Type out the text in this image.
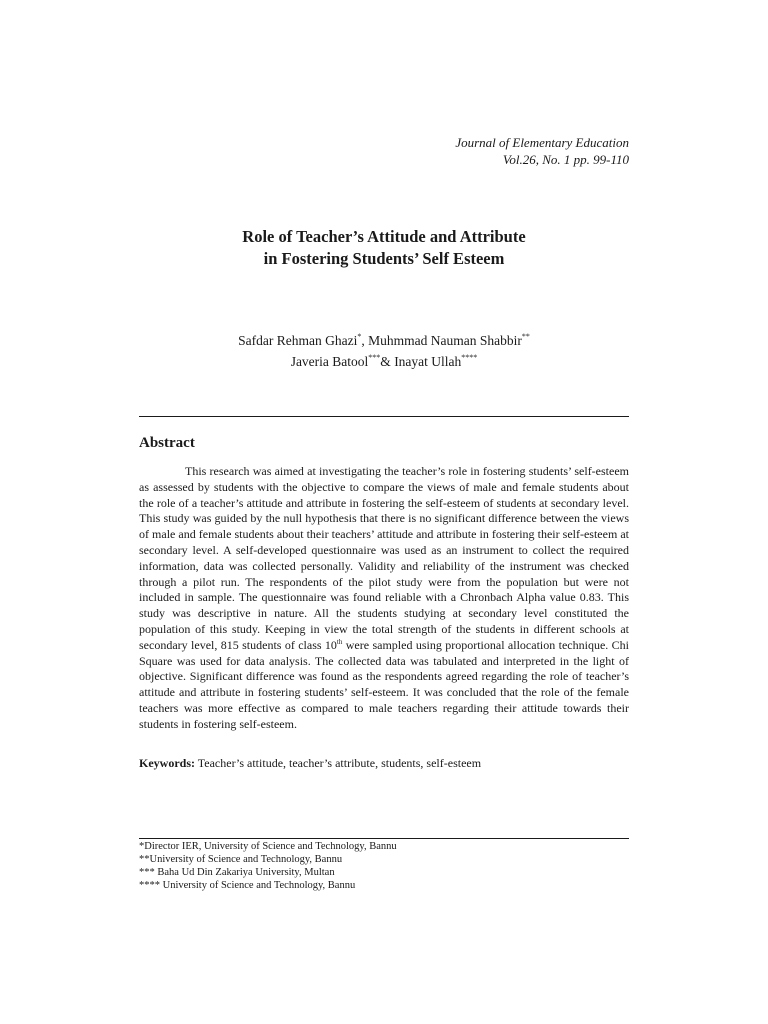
Journal of Elementary Education
Vol.26, No. 1 pp. 99-110
Role of Teacher’s Attitude and Attribute
in Fostering Students’ Self Esteem
Safdar Rehman Ghazi*, Muhmmad Nauman Shabbir**
Javeria Batool***& Inayat Ullah****
Abstract

This research was aimed at investigating the teacher’s role in fostering students’ self-esteem as assessed by students with the objective to compare the views of male and female students about the role of a teacher’s attitude and attribute in fostering the self-esteem of students at secondary level. This study was guided by the null hypothesis that there is no significant difference between the views of male and female students about their teachers’ attitude and attribute in fostering their self-esteem at secondary level. A self-developed questionnaire was used as an instrument to collect the required information, data was collected personally. Validity and reliability of the instrument was checked through a pilot run. The respondents of the pilot study were from the population but were not included in sample. The questionnaire was found reliable with a Chronbach Alpha value 0.83. This study was descriptive in nature. All the students studying at secondary level constituted the population of this study. Keeping in view the total strength of the students in different schools at secondary level, 815 students of class 10th were sampled using proportional allocation technique. Chi Square was used for data analysis. The collected data was tabulated and interpreted in the light of objective. Significant difference was found as the respondents agreed regarding the role of teacher’s attitude and attribute in fostering students’ self-esteem. It was concluded that the role of the female teachers was more effective as compared to male teachers regarding their attitude towards their students in fostering self-esteem.

Keywords: Teacher’s attitude, teacher’s attribute, students, self-esteem
*Director IER, University of Science and Technology, Bannu
**University of Science and Technology, Bannu
*** Baha Ud Din Zakariya University, Multan
**** University of Science and Technology, Bannu
